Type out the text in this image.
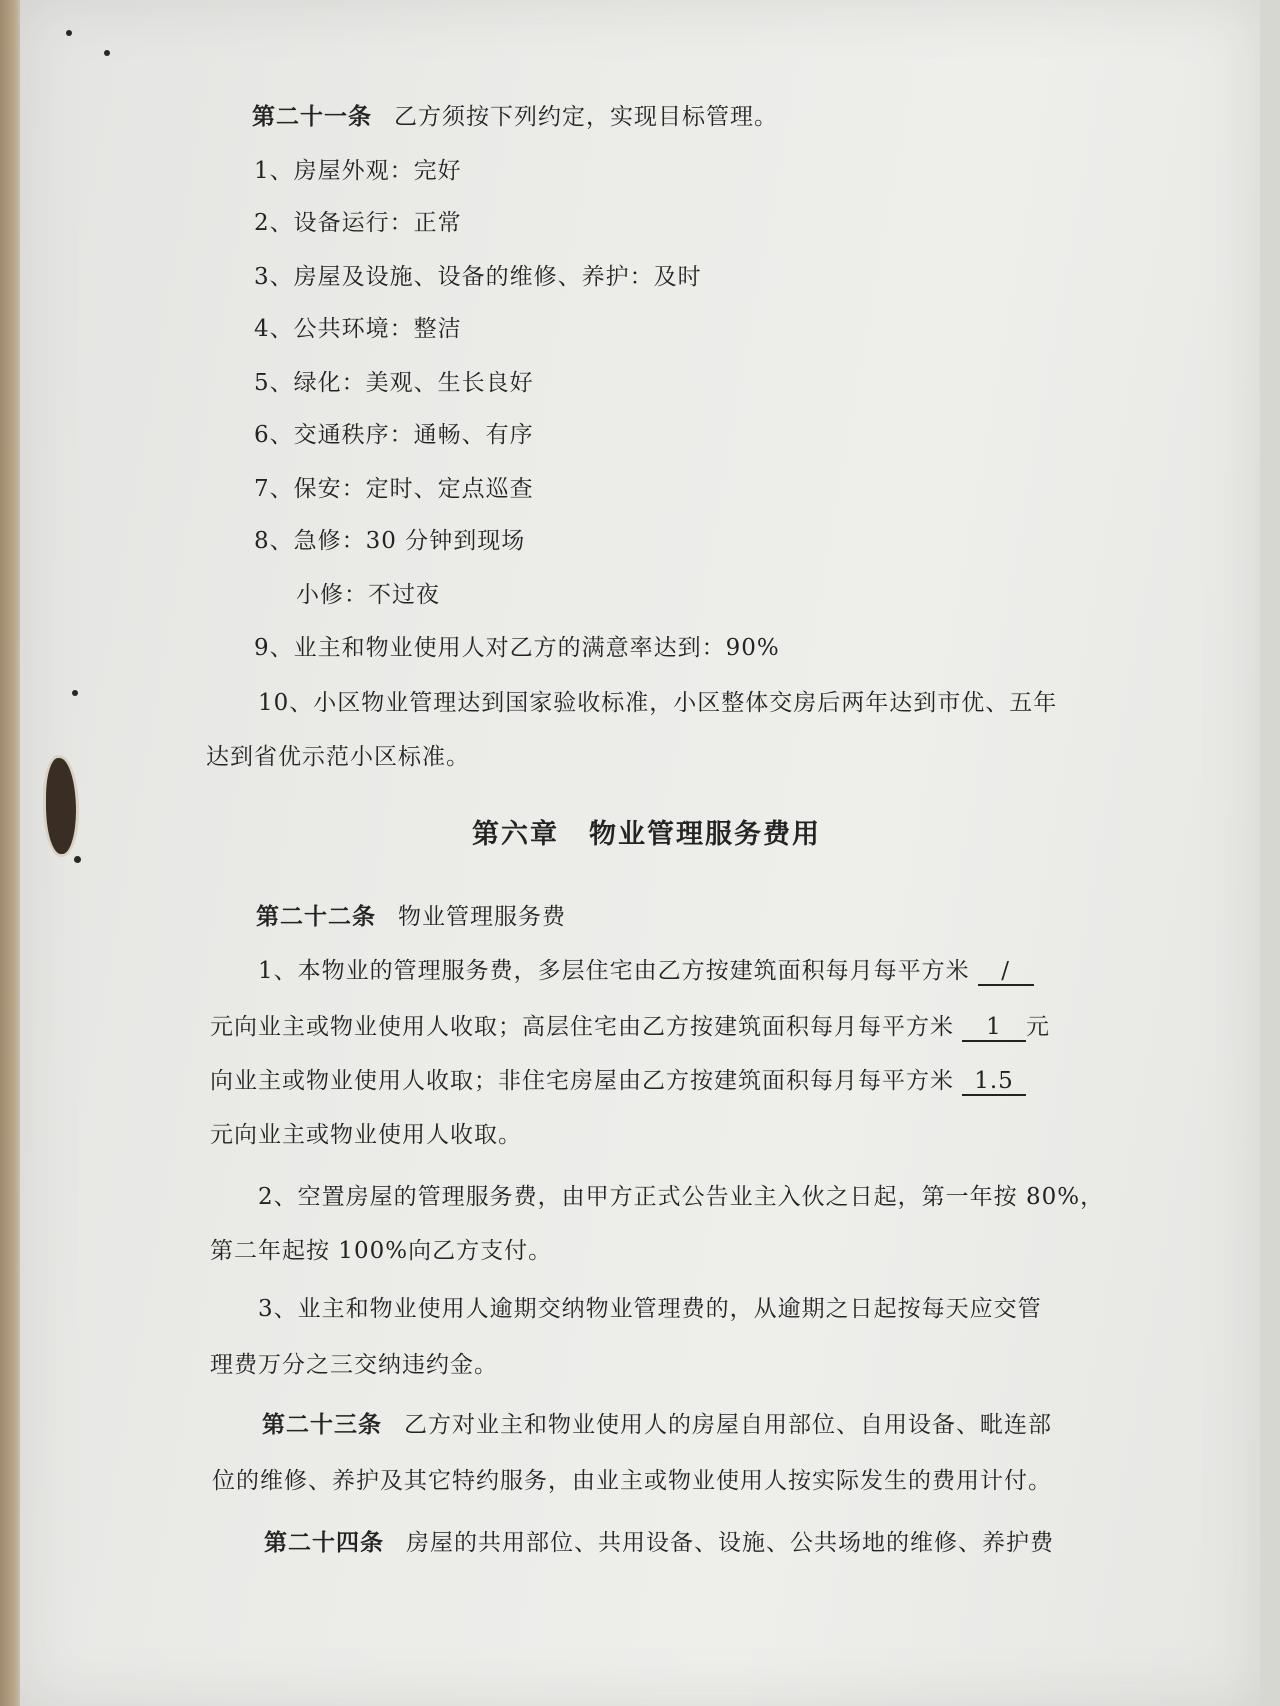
第二十一条 乙方须按下列约定，实现目标管理。
1、房屋外观：完好
2、设备运行：正常
3、房屋及设施、设备的维修、养护：及时
4、公共环境：整洁
5、绿化：美观、生长良好
6、交通秩序：通畅、有序
7、保安：定时、定点巡查
8、急修：30 分钟到现场
小修：不过夜
9、业主和物业使用人对乙方的满意率达到：90%
10、小区物业管理达到国家验收标准，小区整体交房后两年达到市优、五年
达到省优示范小区标准。
第六章 物业管理服务费用
第二十二条 物业管理服务费
1、本物业的管理服务费，多层住宅由乙方按建筑面积每月每平方米 /
元向业主或物业使用人收取；高层住宅由乙方按建筑面积每月每平方米 1 元
向业主或物业使用人收取；非住宅房屋由乙方按建筑面积每月每平方米 1.5
元向业主或物业使用人收取。
2、空置房屋的管理服务费，由甲方正式公告业主入伙之日起，第一年按 80%，
第二年起按 100%向乙方支付。
3、业主和物业使用人逾期交纳物业管理费的，从逾期之日起按每天应交管
理费万分之三交纳违约金。
第二十三条 乙方对业主和物业使用人的房屋自用部位、自用设备、毗连部
位的维修、养护及其它特约服务，由业主或物业使用人按实际发生的费用计付。
第二十四条 房屋的共用部位、共用设备、设施、公共场地的维修、养护费
